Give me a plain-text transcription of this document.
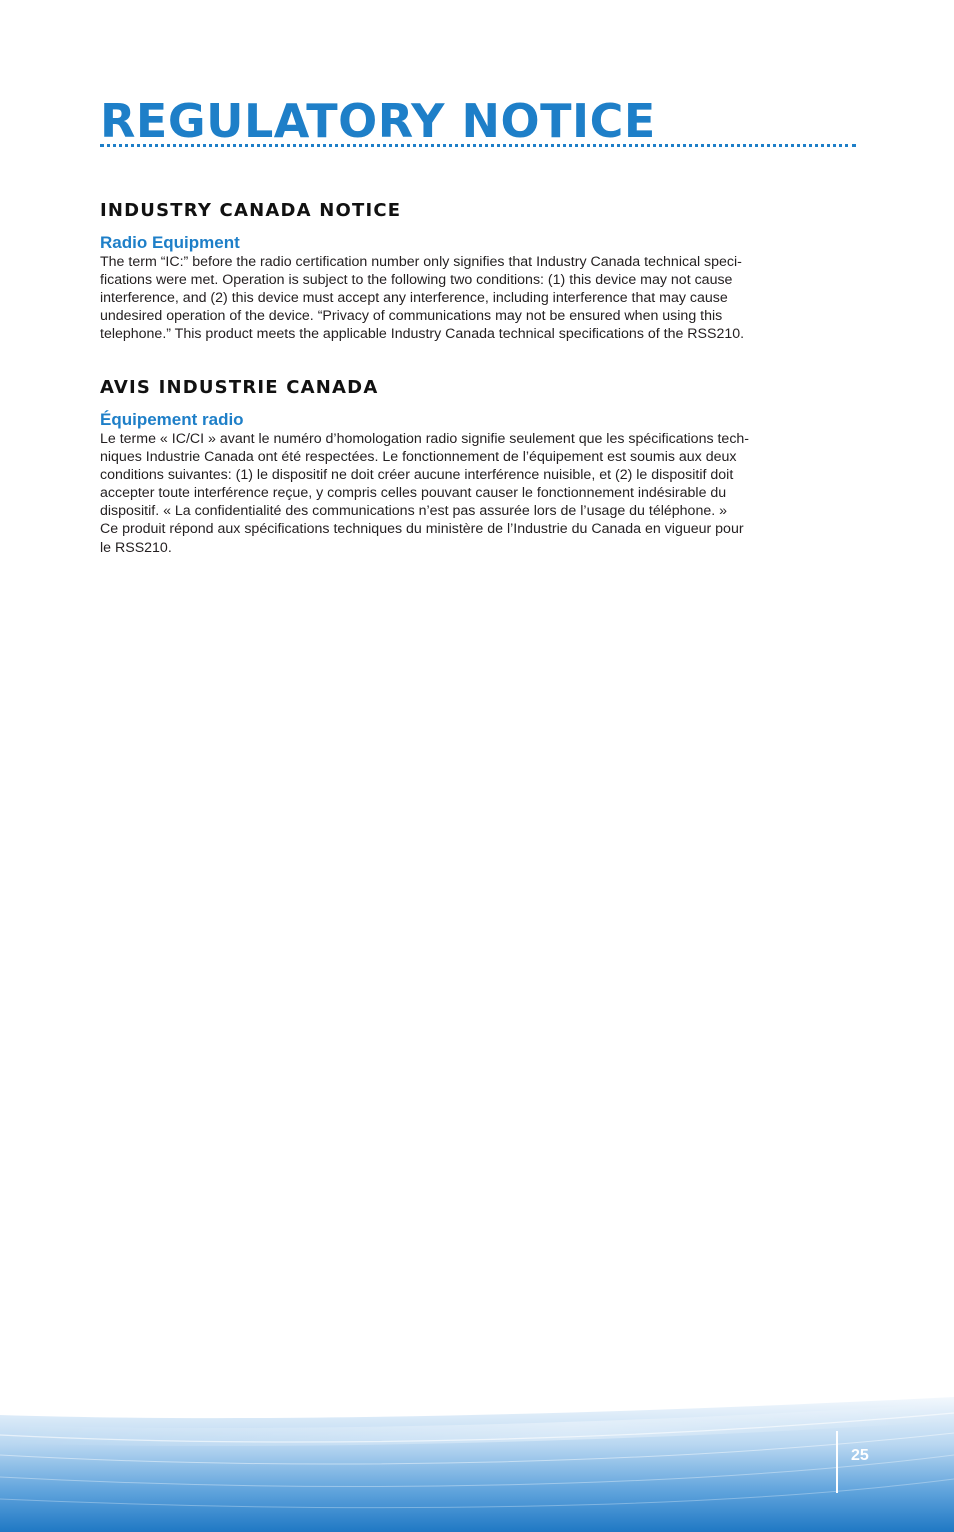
REGULATORY NOTICE
INDUSTRY CANADA NOTICE
Radio Equipment

The term “IC:” before the radio certification number only signifies that Industry Canada technical speci-
fications were met. Operation is subject to the following two conditions: (1) this device may not cause
interference, and (2) this device must accept any interference, including interference that may cause
undesired operation of the device. “Privacy of communications may not be ensured when using this
telephone.” This product meets the applicable Industry Canada technical specifications of the RSS210.

AVIS INDUSTRIE CANADA
Équipement radio

Le terme « IC/CI » avant le numéro d’homologation radio signifie seulement que les spécifications tech-
niques Industrie Canada ont été respectées. Le fonctionnement de l’équipement est soumis aux deux
conditions suivantes: (1) le dispositif ne doit créer aucune interférence nuisible, et (2) le dispositif doit
accepter toute interférence reçue, y compris celles pouvant causer le fonctionnement indésirable du
dispositif. « La confidentialité des communications n’est pas assurée lors de l’usage du téléphone. »
Ce produit répond aux spécifications techniques du ministère de l’Industrie du Canada en vigueur pour
le RSS210.

25
